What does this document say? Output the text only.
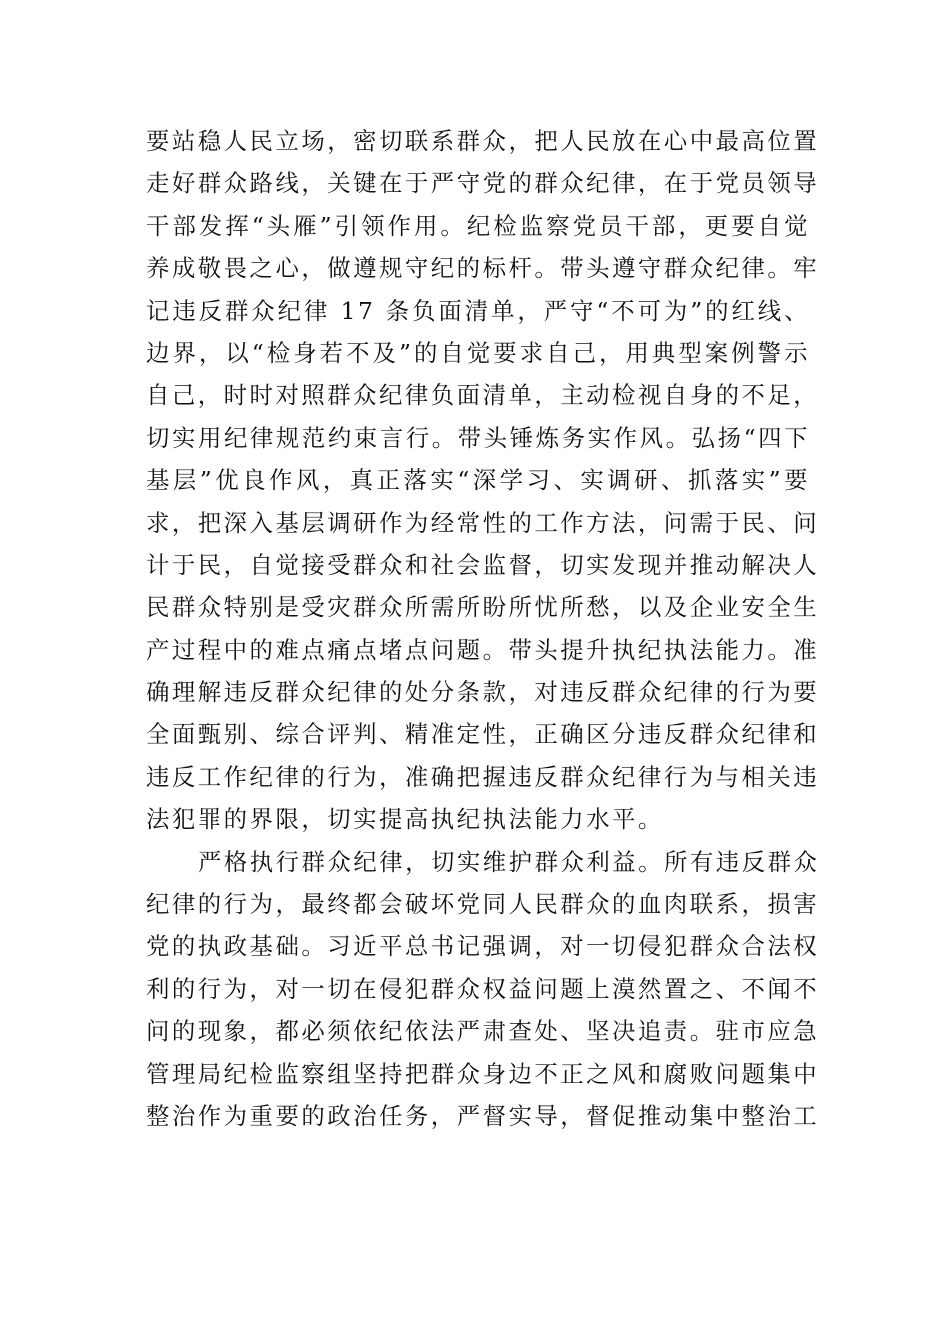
要站稳人民立场，密切联系群众，把人民放在心中最高位置
走好群众路线，关键在于严守党的群众纪律，在于党员领导
干部发挥“头雁”引领作用。纪检监察党员干部，更要自觉
养成敬畏之心，做遵规守纪的标杆。带头遵守群众纪律。牢
记违反群众纪律 17 条负面清单，严守“不可为”的红线、
边界，以“检身若不及”的自觉要求自己，用典型案例警示
自己，时时对照群众纪律负面清单，主动检视自身的不足，
切实用纪律规范约束言行。带头锤炼务实作风。弘扬“四下
基层”优良作风，真正落实“深学习、实调研、抓落实”要
求，把深入基层调研作为经常性的工作方法，问需于民、问
计于民，自觉接受群众和社会监督，切实发现并推动解决人
民群众特别是受灾群众所需所盼所忧所愁，以及企业安全生
产过程中的难点痛点堵点问题。带头提升执纪执法能力。准
确理解违反群众纪律的处分条款，对违反群众纪律的行为要
全面甄别、综合评判、精准定性，正确区分违反群众纪律和
违反工作纪律的行为，准确把握违反群众纪律行为与相关违
法犯罪的界限，切实提高执纪执法能力水平。
严格执行群众纪律，切实维护群众利益。所有违反群众
纪律的行为，最终都会破坏党同人民群众的血肉联系，损害
党的执政基础。习近平总书记强调，对一切侵犯群众合法权
利的行为，对一切在侵犯群众权益问题上漠然置之、不闻不
问的现象，都必须依纪依法严肃查处、坚决追责。驻市应急
管理局纪检监察组坚持把群众身边不正之风和腐败问题集中
整治作为重要的政治任务，严督实导，督促推动集中整治工
